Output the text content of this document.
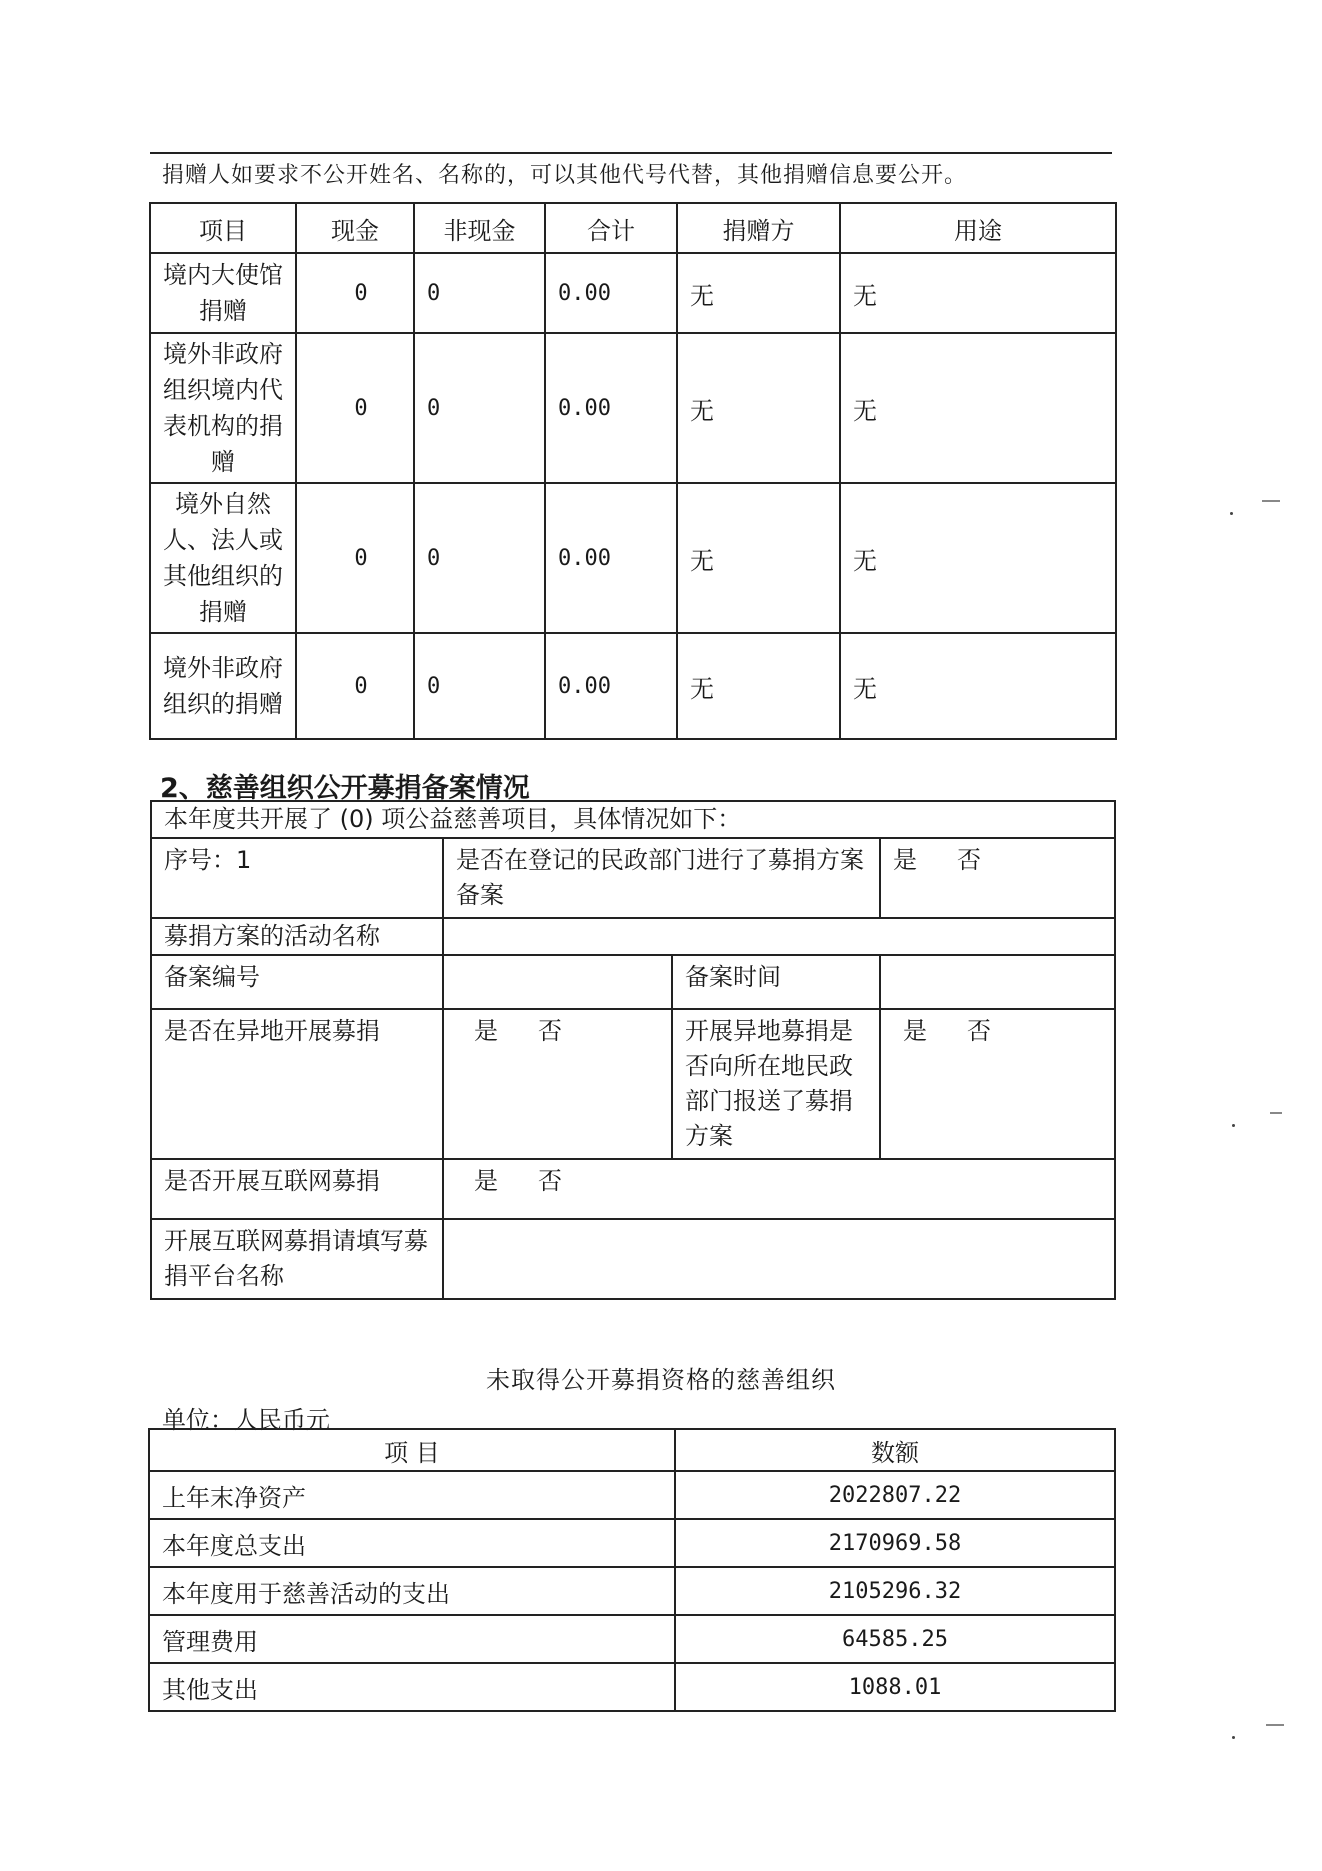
捐赠人如要求不公开姓名、名称的，可以其他代号代替，其他捐赠信息要公开。
项目	现金	非现金	合计	捐赠方	用途
境内大使馆捐赠	0	0	0.00	无	无
境外非政府组织境内代表机构的捐赠	0	0	0.00	无	无
境外自然人、法人或其他组织的捐赠	0	0	0.00	无	无
境外非政府组织的捐赠	0	0	0.00	无	无
2、慈善组织公开募捐备案情况
本年度共开展了 (0) 项公益慈善项目，具体情况如下：			
序号：1	是否在登记的民政部门进行了募捐方案备案		是 否
募捐方案的活动名称			
备案编号		备案时间	
是否在异地开展募捐	是 否	开展异地募捐是否向所在地民政部门报送了募捐方案	是 否
是否开展互联网募捐	是 否		
开展互联网募捐请填写募捐平台名称			
未取得公开募捐资格的慈善组织
单位：人民币元
项 目	数额
上年末净资产	2022807.22
本年度总支出	2170969.58
本年度用于慈善活动的支出	2105296.32
管理费用	64585.25
其他支出	1088.01
